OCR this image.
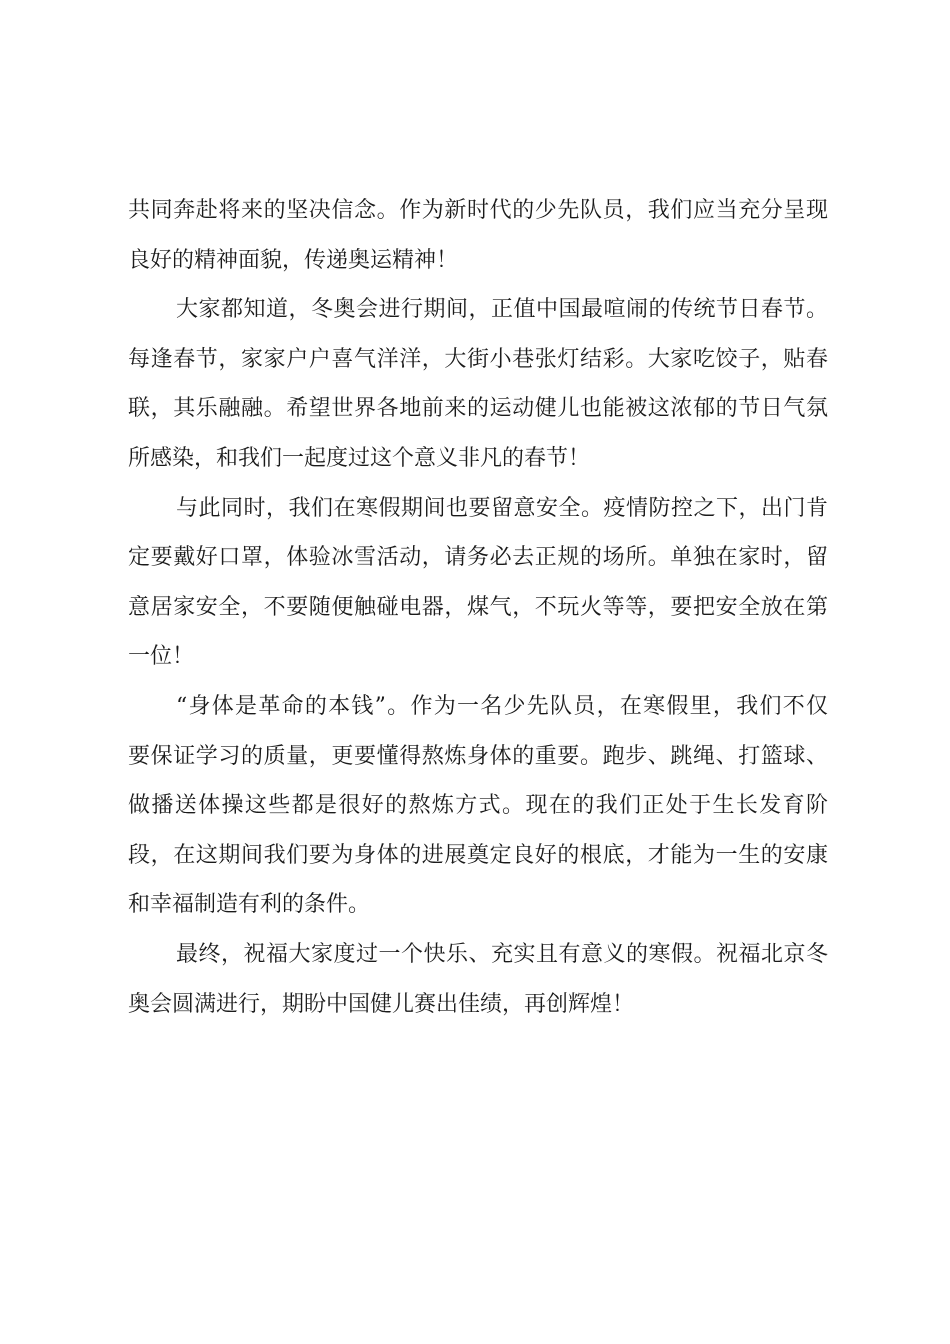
共同奔赴将来的坚决信念。作为新时代的少先队员，我们应当充分呈现
良好的精神面貌，传递奥运精神！
大家都知道，冬奥会进行期间，正值中国最喧闹的传统节日春节。
每逢春节，家家户户喜气洋洋，大街小巷张灯结彩。大家吃饺子，贴春
联，其乐融融。希望世界各地前来的运动健儿也能被这浓郁的节日气氛
所感染，和我们一起度过这个意义非凡的春节！
与此同时，我们在寒假期间也要留意安全。疫情防控之下，出门肯
定要戴好口罩，体验冰雪活动，请务必去正规的场所。单独在家时，留
意居家安全，不要随便触碰电器，煤气，不玩火等等，要把安全放在第
一位！
“身体是革命的本钱”。作为一名少先队员，在寒假里，我们不仅
要保证学习的质量，更要懂得熬炼身体的重要。跑步、跳绳、打篮球、
做播送体操这些都是很好的熬炼方式。现在的我们正处于生长发育阶
段，在这期间我们要为身体的进展奠定良好的根底，才能为一生的安康
和幸福制造有利的条件。
最终，祝福大家度过一个快乐、充实且有意义的寒假。祝福北京冬
奥会圆满进行，期盼中国健儿赛出佳绩，再创辉煌！
